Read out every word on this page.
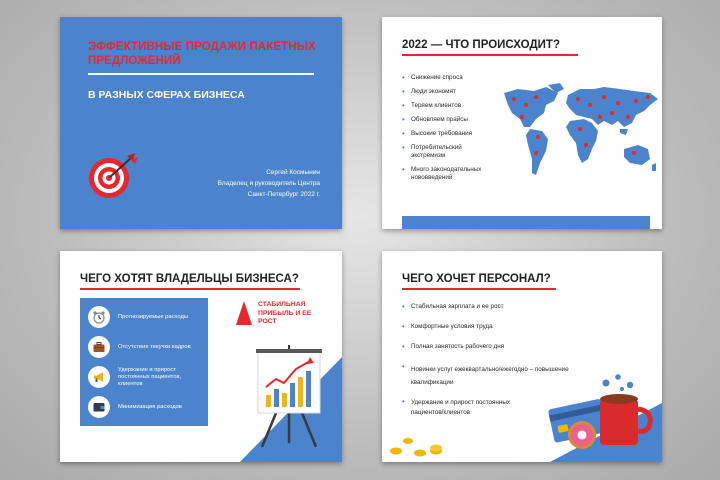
ЭФФЕКТИВНЫЕ ПРОДАЖИ ПАКЕТНЫХ ПРЕДЛОЖЕНИЙ
В РАЗНЫХ СФЕРАХ БИЗНЕСА
Сергей Космынин
Владелец и руководитель Центра
Санкт-Петербург 2022 г.
2022 — ЧТО ПРОИСХОДИТ?
• Снижение спроса
• Люди экономят
• Теряем клиентов
• Обновляем прайсы
• Высокие требования
• Потребительский экстремизм
• Много законодательных нововведений
ЧЕГО ХОТЯТ ВЛАДЕЛЬЦЫ БИЗНЕСА?
Прогнозируемые расходы
Отсутствие текучки кадров
Удержание и прирост постоянных пациентов, клиентов
Минимизация расходов
СТАБИЛЬНАЯ ПРИБЫЛЬ И ЕЕ РОСТ
ЧЕГО ХОЧЕТ ПЕРСОНАЛ?
• Стабильная зарплата и ее рост
• Комфортные условия труда
• Полная занятость рабочего дня
• Новинки услуг ежеквартально/ежегодно – повышение квалификации
• Удержание и прирост постоянных пациентов/клиентов
